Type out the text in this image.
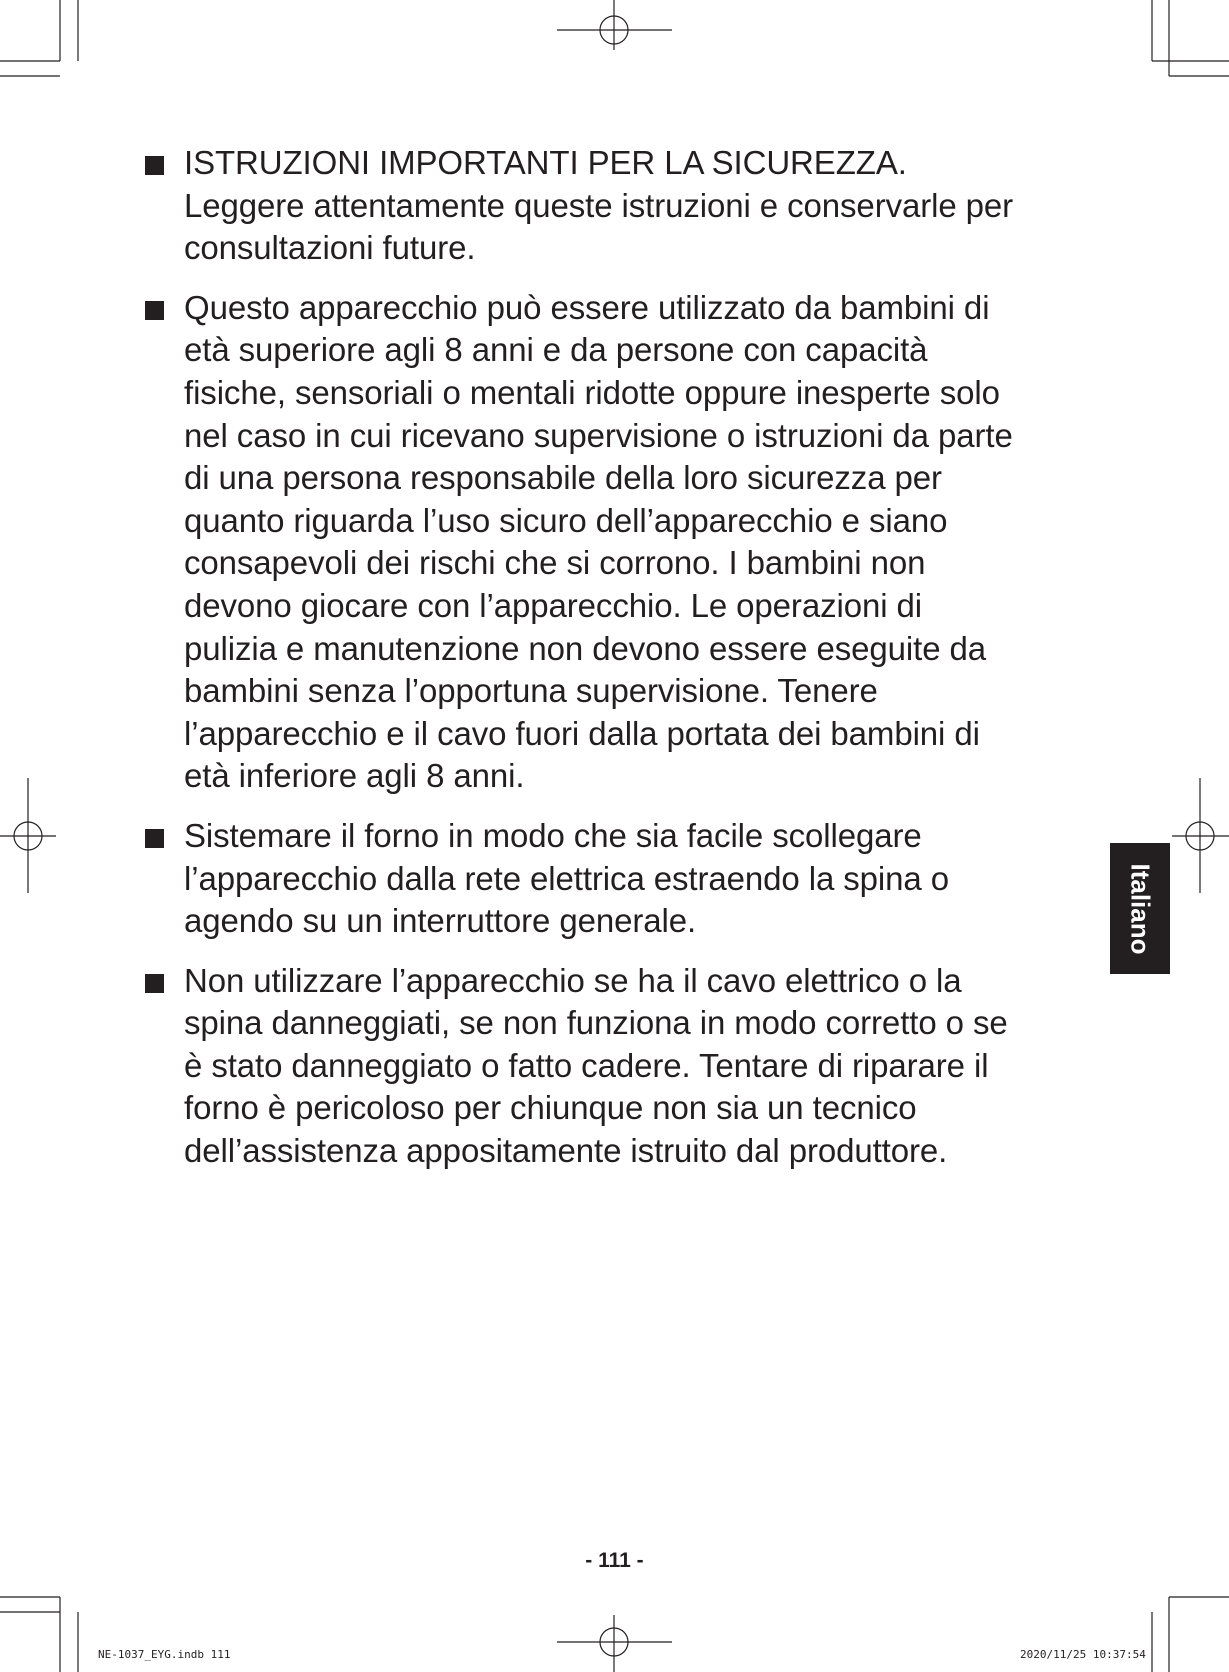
ISTRUZIONI IMPORTANTI PER LA SICUREZZA.
Leggere attentamente queste istruzioni e conservarle per
consultazioni future.
Questo apparecchio può essere utilizzato da bambini di
età superiore agli 8 anni e da persone con capacità
fisiche, sensoriali o mentali ridotte oppure inesperte solo
nel caso in cui ricevano supervisione o istruzioni da parte
di una persona responsabile della loro sicurezza per
quanto riguarda l’uso sicuro dell’apparecchio e siano
consapevoli dei rischi che si corrono. I bambini non
devono giocare con l’apparecchio. Le operazioni di
pulizia e manutenzione non devono essere eseguite da
bambini senza l’opportuna supervisione. Tenere
l’apparecchio e il cavo fuori dalla portata dei bambini di
età inferiore agli 8 anni.
Sistemare il forno in modo che sia facile scollegare
l’apparecchio dalla rete elettrica estraendo la spina o
agendo su un interruttore generale.
Non utilizzare l’apparecchio se ha il cavo elettrico o la
spina danneggiati, se non funziona in modo corretto o se
è stato danneggiato o fatto cadere. Tentare di riparare il
forno è pericoloso per chiunque non sia un tecnico
dell’assistenza appositamente istruito dal produttore.
Italiano
- 111 -
NE-1037_EYG.indb 111	2020/11/25 10:37:54
